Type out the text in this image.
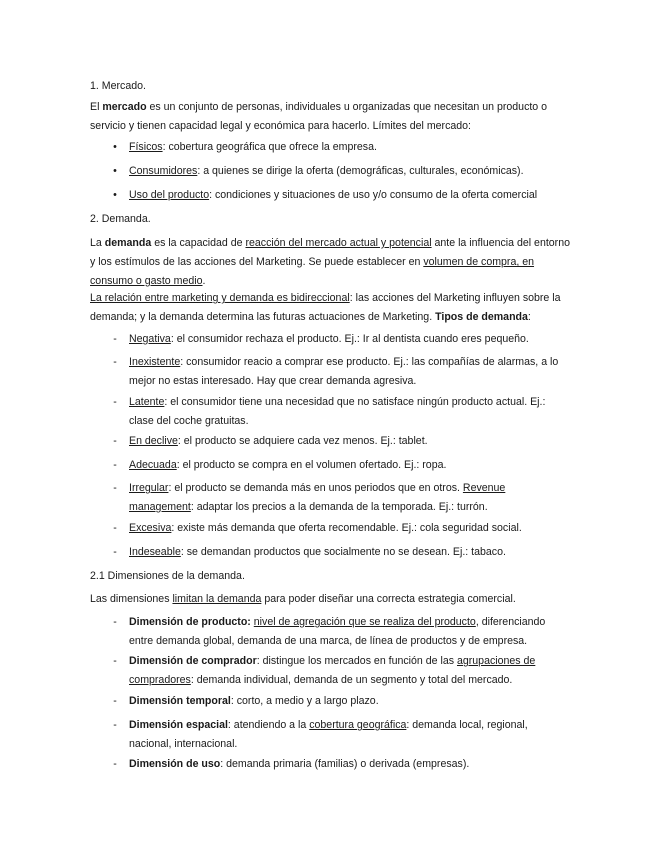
1. Mercado.

El mercado es un conjunto de personas, individuales u organizadas que necesitan un producto o servicio y tienen capacidad legal y económica para hacerlo. Límites del mercado:

• Físicos: cobertura geográfica que ofrece la empresa.
• Consumidores: a quienes se dirige la oferta (demográficas, culturales, económicas).
• Uso del producto: condiciones y situaciones de uso y/o consumo de la oferta comercial

2. Demanda.

La demanda es la capacidad de reacción del mercado actual y potencial ante la influencia del entorno y los estímulos de las acciones del Marketing. Se puede establecer en volumen de compra, en consumo o gasto medio.

La relación entre marketing y demanda es bidireccional: las acciones del Marketing influyen sobre la demanda; y la demanda determina las futuras actuaciones de Marketing. Tipos de demanda:

-	Negativa: el consumidor rechaza el producto. Ej.: Ir al dentista cuando eres pequeño.
-	Inexistente: consumidor reacio a comprar ese producto. Ej.: las compañías de alarmas, a lo mejor no estas interesado. Hay que crear demanda agresiva.
-	Latente: el consumidor tiene una necesidad que no satisface ningún producto actual. Ej.: clase del coche gratuitas.
-	En declive: el producto se adquiere cada vez menos. Ej.: tablet.
-	Adecuada: el producto se compra en el volumen ofertado. Ej.: ropa.
-	Irregular: el producto se demanda más en unos periodos que en otros. Revenue management: adaptar los precios a la demanda de la temporada. Ej.: turrón.
-	Excesiva: existe más demanda que oferta recomendable. Ej.: cola seguridad social.
-	Indeseable: se demandan productos que socialmente no se desean. Ej.: tabaco.

2.1 Dimensiones de la demanda.

Las dimensiones limitan la demanda para poder diseñar una correcta estrategia comercial.

-	Dimensión de producto: nivel de agregación que se realiza del producto, diferenciando entre demanda global, demanda de una marca, de línea de productos y de empresa.
-	Dimensión de comprador: distingue los mercados en función de las agrupaciones de compradores: demanda individual, demanda de un segmento y total del mercado.
-	Dimensión temporal: corto, a medio y a largo plazo.
-	Dimensión espacial: atendiendo a la cobertura geográfica: demanda local, regional, nacional, internacional.
-	Dimensión de uso: demanda primaria (familias) o derivada (empresas).
